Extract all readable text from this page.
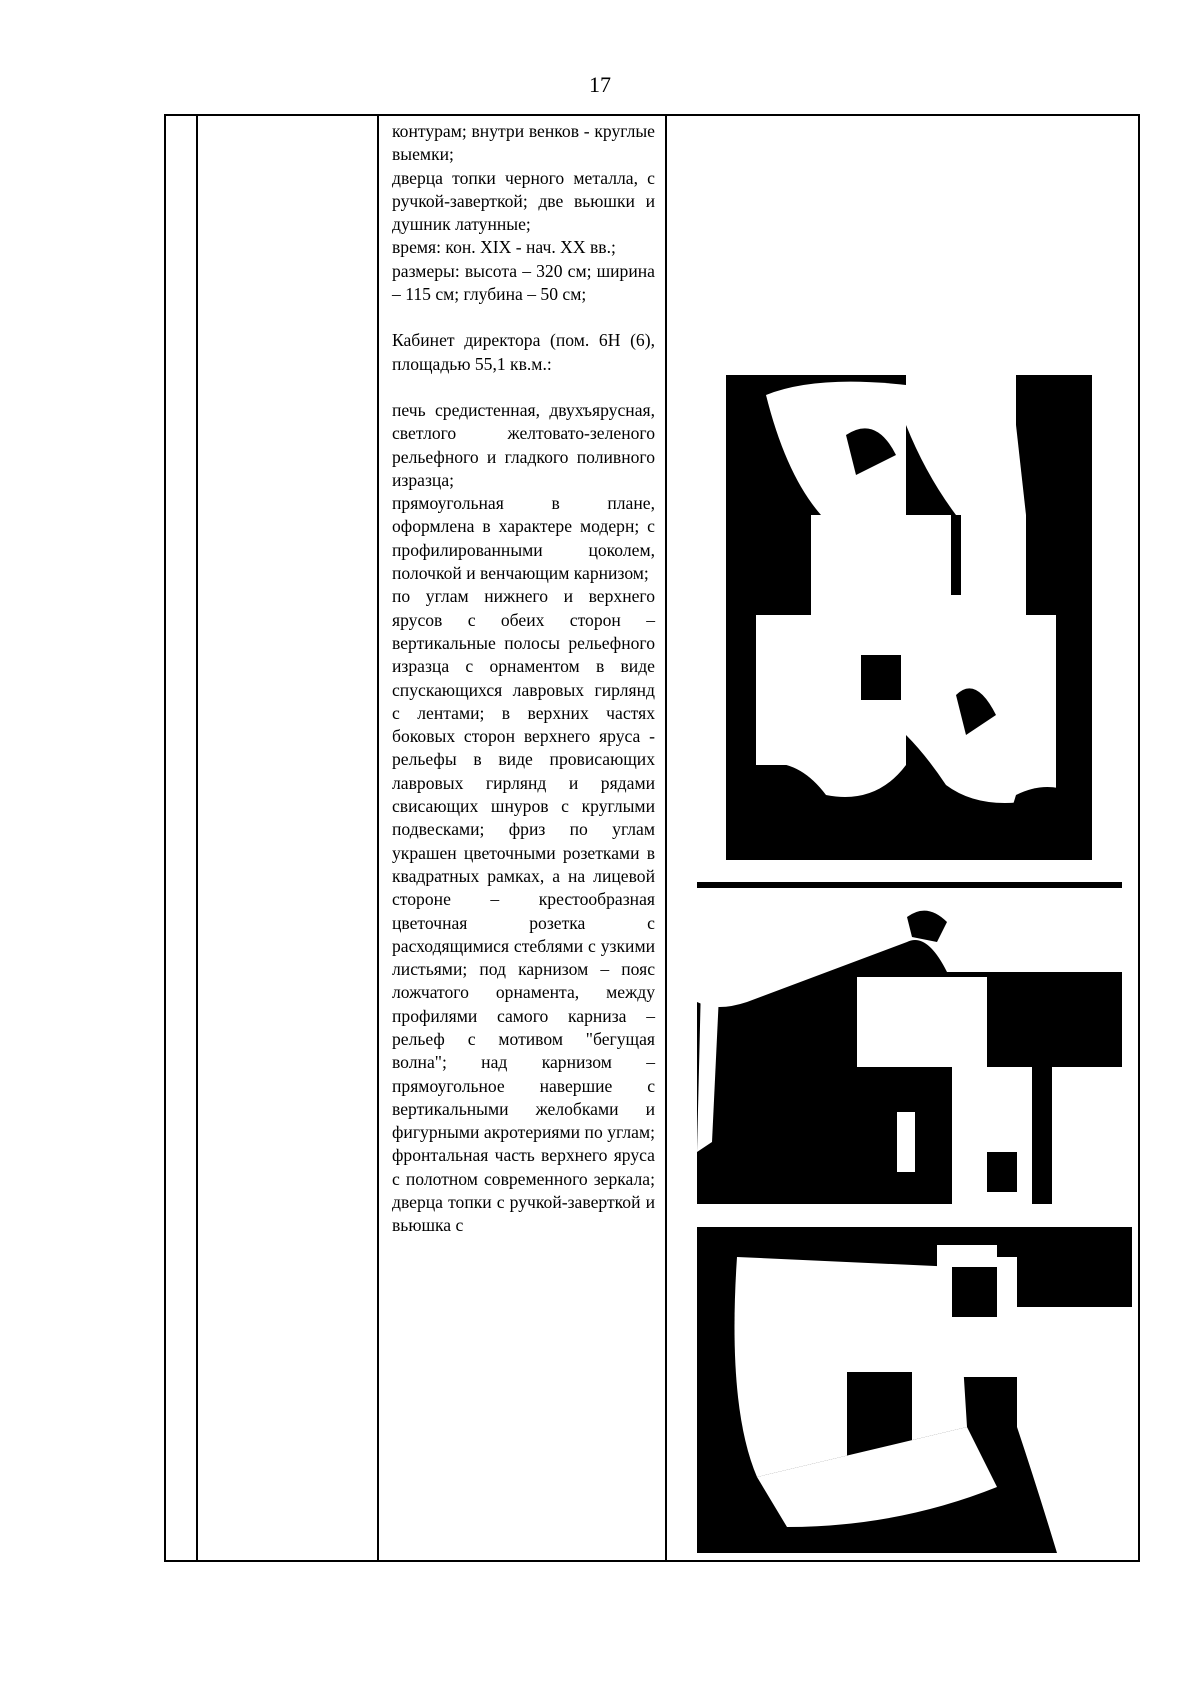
17

контурам; внутри венков - круглые выемки;

дверца топки черного металла, с ручкой-заверткой; две вьюшки и душник латунные;

время: кон. XIX - нач. XX вв.;

размеры: высота – 320 см; ширина – 115 см; глубина – 50 см;

Кабинет директора (пом. 6Н (6), площадью 55,1 кв.м.:

печь средистенная, двухъярусная, светлого желтовато-зеленого рельефного и гладкого поливного изразца;

прямоугольная в плане, оформлена в характере модерн; с профилированными цоколем, полочкой и венчающим карнизом;

по углам нижнего и верхнего ярусов с обеих сторон – вертикальные полосы рельефного изразца с орнаментом в виде спускающихся лавровых гирлянд с лентами; в верхних частях боковых сторон верхнего яруса - рельефы в виде провисающих лавровых гирлянд и рядами свисающих шнуров с круглыми подвесками; фриз по углам украшен цветочными розетками в квадратных рамках, а на лицевой стороне – крестообразная цветочная розетка с расходящимися стеблями с узкими листьями; под карнизом – пояс ложчатого орнамента, между профилями самого карниза – рельеф с мотивом "бегущая волна"; над карнизом – прямоугольное навершие с вертикальными желобками и фигурными акротериями по углам; фронтальная часть верхнего яруса с полотном современного зеркала; дверца топки с ручкой-заверткой и вьюшка с
